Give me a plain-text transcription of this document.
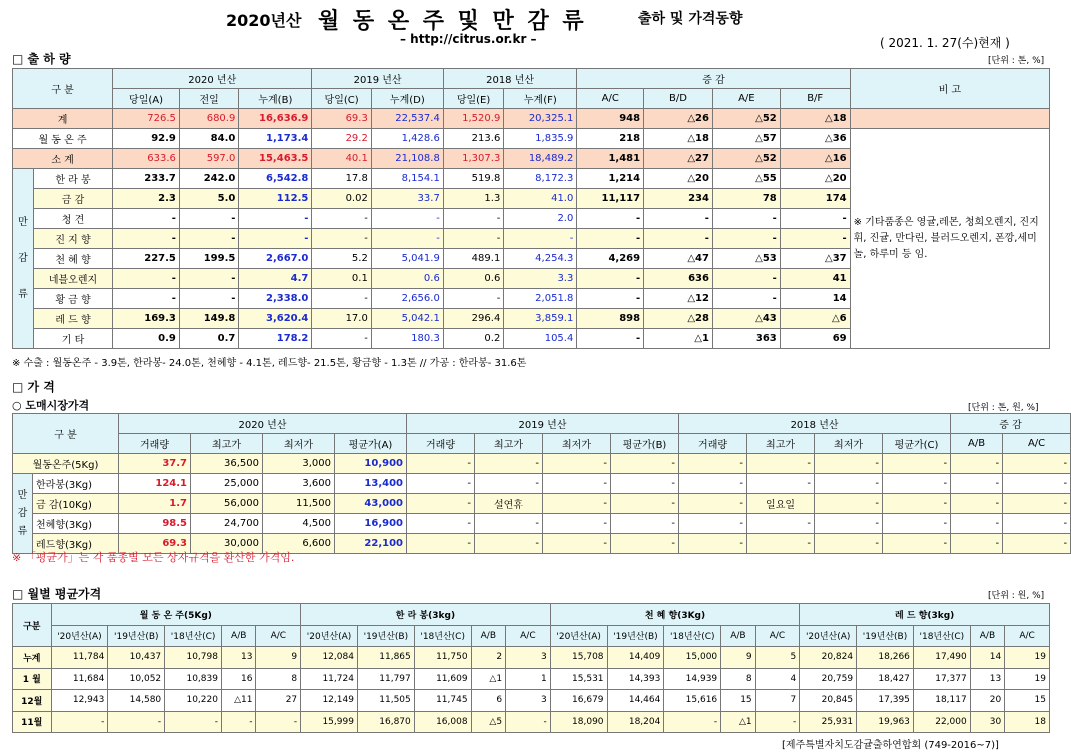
2020년산 월 동 온 주 및 만 감 류	출하 및 가격동향
– http://citrus.or.kr –	( 2021. 1. 27(수)현재 )
□ 출 하 량	[단위 : 톤, %]
구 분		2020 년산			2019 년산		2018 년산		증 감				비 고
		당일(A)	전일	누계(B)	당일(C)	누계(D)	당일(E)	누계(F)	A/C	B/D	A/E	B/F	
계		726.5	680.9	16,636.9	69.3	22,537.4	1,520.9	20,325.1	948	△26	△52	△18	
월 동 온 주		92.9	84.0	1,173.4	29.2	1,428.6	213.6	1,835.9	218	△18	△57	△36	※ 기타품종은 영귤,레몬, 청희오렌지, 진지휘, 진귤, 만다린, 블러드오렌지, 폰깡,세미놀, 하루미 등 임.
소 계		633.6	597.0	15,463.5	40.1	21,108.8	1,307.3	18,489.2	1,481	△27	△52	△16	
만

감

류	한 라 봉	233.7	242.0	6,542.8	17.8	8,154.1	519.8	8,172.3	1,214	△20	△55	△20	
	금 감	2.3	5.0	112.5	0.02	33.7	1.3	41.0	11,117	234	78	174	
	청 견	-	-	-	-	-	-	2.0	-	-	-	-	
	진 지 향	-	-	-	-	-	-	-	-	-	-	-	
	천 혜 향	227.5	199.5	2,667.0	5.2	5,041.9	489.1	4,254.3	4,269	△47	△53	△37	
	네블오렌지	-	-	4.7	0.1	0.6	0.6	3.3	-	636	-	41	
	황 금 향	-	-	2,338.0	-	2,656.0	-	2,051.8	-	△12	-	14	
	레 드 향	169.3	149.8	3,620.4	17.0	5,042.1	296.4	3,859.1	898	△28	△43	△6	
	기 타	0.9	0.7	178.2	-	180.3	0.2	105.4	-	△1	363	69	
※ 수출 : 월동온주 - 3.9톤, 한라봉- 24.0톤, 천혜향 - 4.1톤, 레드향- 21.5톤, 황금향 - 1.3톤 // 가공 : 한라봉- 31.6톤
□ 가 격
○ 도매시장가격	[단위 : 톤, 원, %]
구 분		2020 년산				2019 년산				2018 년산				증 감	
		거래량	최고가	최저가	평균가(A)	거래량	최고가	최저가	평균가(B)	거래량	최고가	최저가	평균가(C)	A/B	A/C
월동온주(5Kg)		37.7	36,500	3,000	10,900	-	-	-	-	-	-	-	-	-	-
만
감
류	한라봉(3Kg)	124.1	25,000	3,600	13,400	-	-	-	-	-	-	-	-	-	-
	금 감(10Kg)	1.7	56,000	11,500	43,000	-	설연휴	-	-	-	일요일	-	-	-	-
	천혜향(3Kg)	98.5	24,700	4,500	16,900	-	-	-	-	-	-	-	-	-	-
	레드향(3Kg)	69.3	30,000	6,600	22,100	-	-	-	-	-	-	-	-	-	-
※ 「평균가」는 각 품종별 모든 상자규격을 환산한 가격임.
□ 월별 평균가격	[단위 : 원, %]
구분	월 동 온 주(5Kg)					한 라 봉(3kg)					천 혜 향(3Kg)					레 드 향(3kg)				
	'20년산(A)	'19년산(B)	'18년산(C)	A/B	A/C	'20년산(A)	'19년산(B)	'18년산(C)	A/B	A/C	'20년산(A)	'19년산(B)	'18년산(C)	A/B	A/C	'20년산(A)	'19년산(B)	'18년산(C)	A/B	A/C
누계	11,784	10,437	10,798	13	9	12,084	11,865	11,750	2	3	15,708	14,409	15,000	9	5	20,824	18,266	17,490	14	19
1 월	11,684	10,052	10,839	16	8	11,724	11,797	11,609	△1	1	15,531	14,393	14,939	8	4	20,759	18,427	17,377	13	19
12월	12,943	14,580	10,220	△11	27	12,149	11,505	11,745	6	3	16,679	14,464	15,616	15	7	20,845	17,395	18,117	20	15
11월	-	-	-	-	-	15,999	16,870	16,008	△5	-	18,090	18,204	-	△1	-	25,931	19,963	22,000	30	18
[제주특별자치도감귤출하연합회 (749-2016~7)]
